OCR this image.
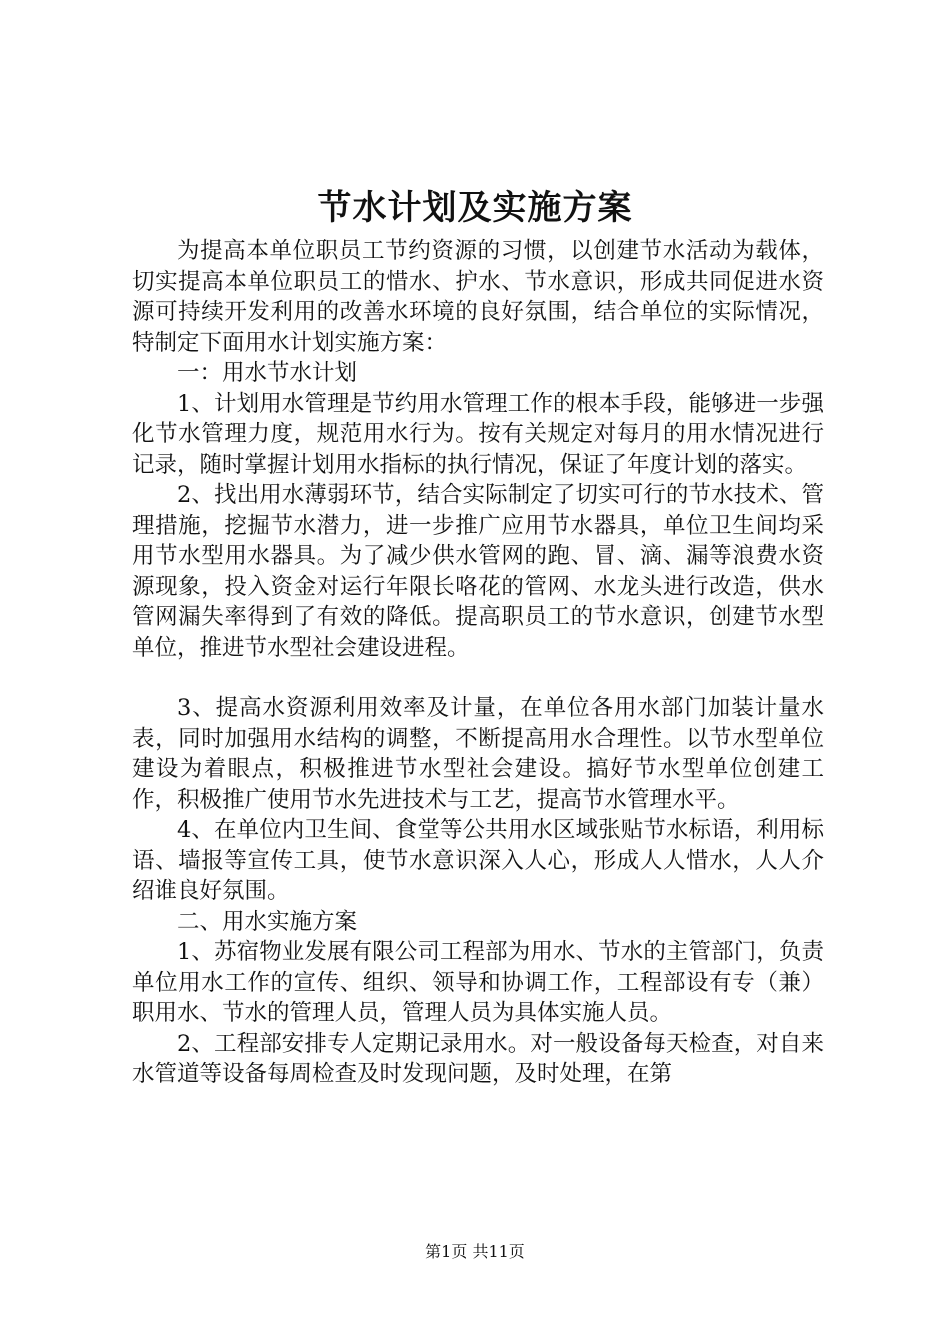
节水计划及实施方案

为提高本单位职员工节约资源的习惯，以创建节水活动为载体，切实提高本单位职员工的惜水、护水、节水意识，形成共同促进水资源可持续开发利用的改善水环境的良好氛围，结合单位的实际情况，特制定下面用水计划实施方案：

一：用水节水计划

1、计划用水管理是节约用水管理工作的根本手段，能够进一步强化节水管理力度，规范用水行为。按有关规定对每月的用水情况进行记录，随时掌握计划用水指标的执行情况，保证了年度计划的落实。

2、找出用水薄弱环节，结合实际制定了切实可行的节水技术、管理措施，挖掘节水潜力，进一步推广应用节水器具，单位卫生间均采用节水型用水器具。为了减少供水管网的跑、冒、滴、漏等浪费水资源现象，投入资金对运行年限长咯花的管网、水龙头进行改造，供水管网漏失率得到了有效的降低。提高职员工的节水意识，创建节水型单位，推进节水型社会建设进程。

3、提高水资源利用效率及计量，在单位各用水部门加装计量水表，同时加强用水结构的调整，不断提高用水合理性。以节水型单位建设为着眼点，积极推进节水型社会建设。搞好节水型单位创建工作，积极推广使用节水先进技术与工艺，提高节水管理水平。

4、在单位内卫生间、食堂等公共用水区域张贴节水标语，利用标语、墙报等宣传工具，使节水意识深入人心，形成人人惜水，人人介绍谁良好氛围。

二、用水实施方案

1、苏宿物业发展有限公司工程部为用水、节水的主管部门，负责单位用水工作的宣传、组织、领导和协调工作，工程部设有专（兼）职用水、节水的管理人员，管理人员为具体实施人员。

2、工程部安排专人定期记录用水。对一般设备每天检查，对自来水管道等设备每周检查及时发现问题，及时处理，在第

第1页 共11页
